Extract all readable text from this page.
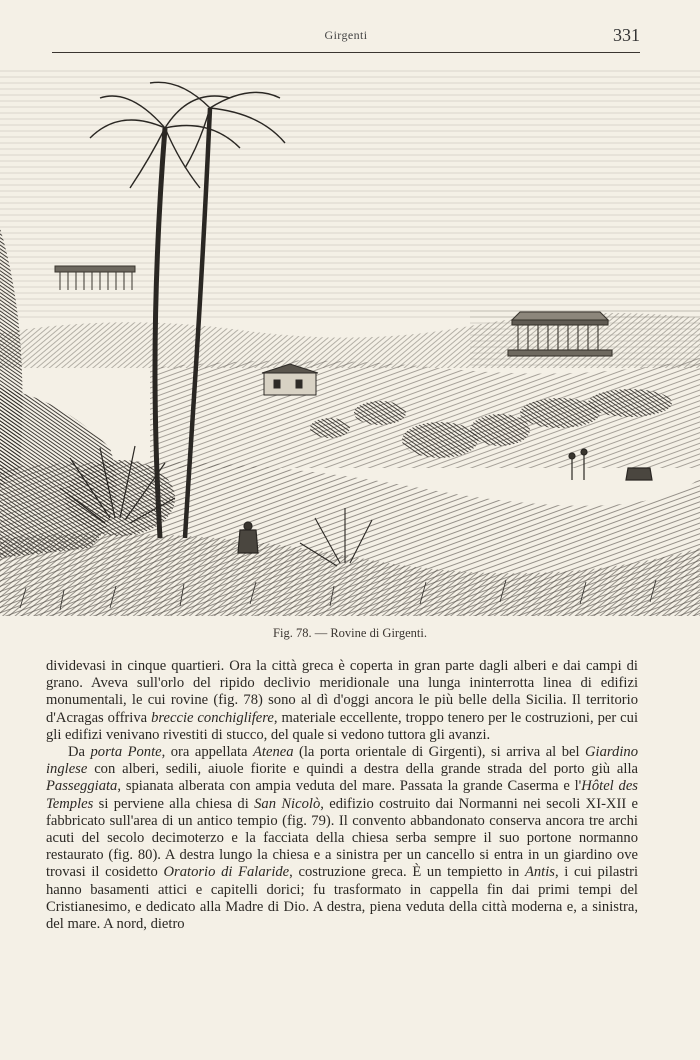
Girgenti	331
Fig. 78. — Rovine di Girgenti.

dividevasi in cinque quartieri. Ora la città greca è coperta in gran parte dagli alberi e dai campi di grano. Aveva sull'orlo del ripido declivio meridionale una lunga ininterrotta linea di edifizi monumentali, le cui rovine (fig. 78) sono al dì d'oggi ancora le più belle della Sicilia. Il territorio d'Acragas offriva breccie conchiglifere, materiale eccellente, troppo tenero per le costruzioni, per cui gli edifizi venivano rivestiti di stucco, del quale si vedono tuttora gli avanzi.

Da porta Ponte, ora appellata Atenea (la porta orientale di Girgenti), si arriva al bel Giardino inglese con alberi, sedili, aiuole fiorite e quindi a destra della grande strada del porto giù alla Passeggiata, spianata alberata con ampia veduta del mare. Passata la grande Caserma e l'Hôtel des Temples si perviene alla chiesa di San Nicolò, edifizio costruito dai Normanni nei secoli XI-XII e fabbricato sull'area di un antico tempio (fig. 79). Il convento abbandonato conserva ancora tre archi acuti del secolo decimoterzo e la facciata della chiesa serba sempre il suo portone normanno restaurato (fig. 80). A destra lungo la chiesa e a sinistra per un cancello si entra in un giardino ove trovasi il cosidetto Oratorio di Falaride, costruzione greca. È un tempietto in Antis, i cui pilastri hanno basamenti attici e capitelli dorici; fu trasformato in cappella fin dai primi tempi del Cristianesimo, e dedicato alla Madre di Dio. A destra, piena veduta della città moderna e, a sinistra, del mare. A nord, dietro
